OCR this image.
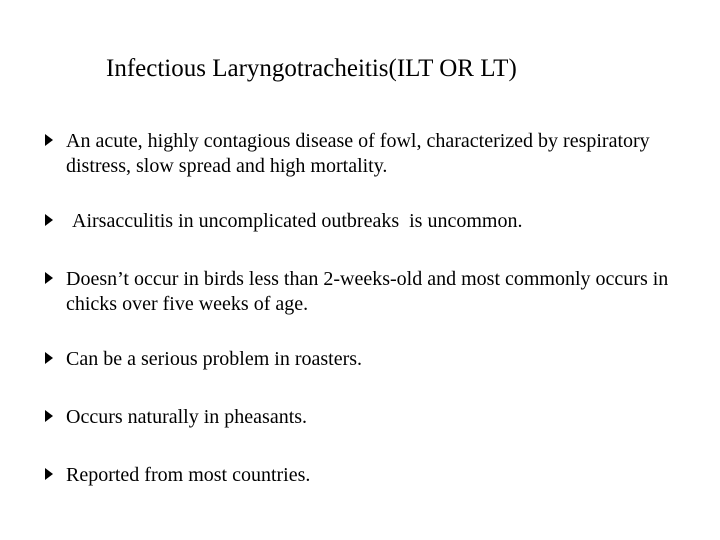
Infectious Laryngotracheitis(ILT OR LT)
An acute, highly contagious disease of fowl, characterized by respiratory distress, slow spread and high mortality.
Airsacculitis in uncomplicated outbreaks  is uncommon.
Doesn’t occur in birds less than 2-weeks-old and most commonly occurs in chicks over five weeks of age.
Can be a serious problem in roasters.
Occurs naturally in pheasants.
Reported from most countries.
